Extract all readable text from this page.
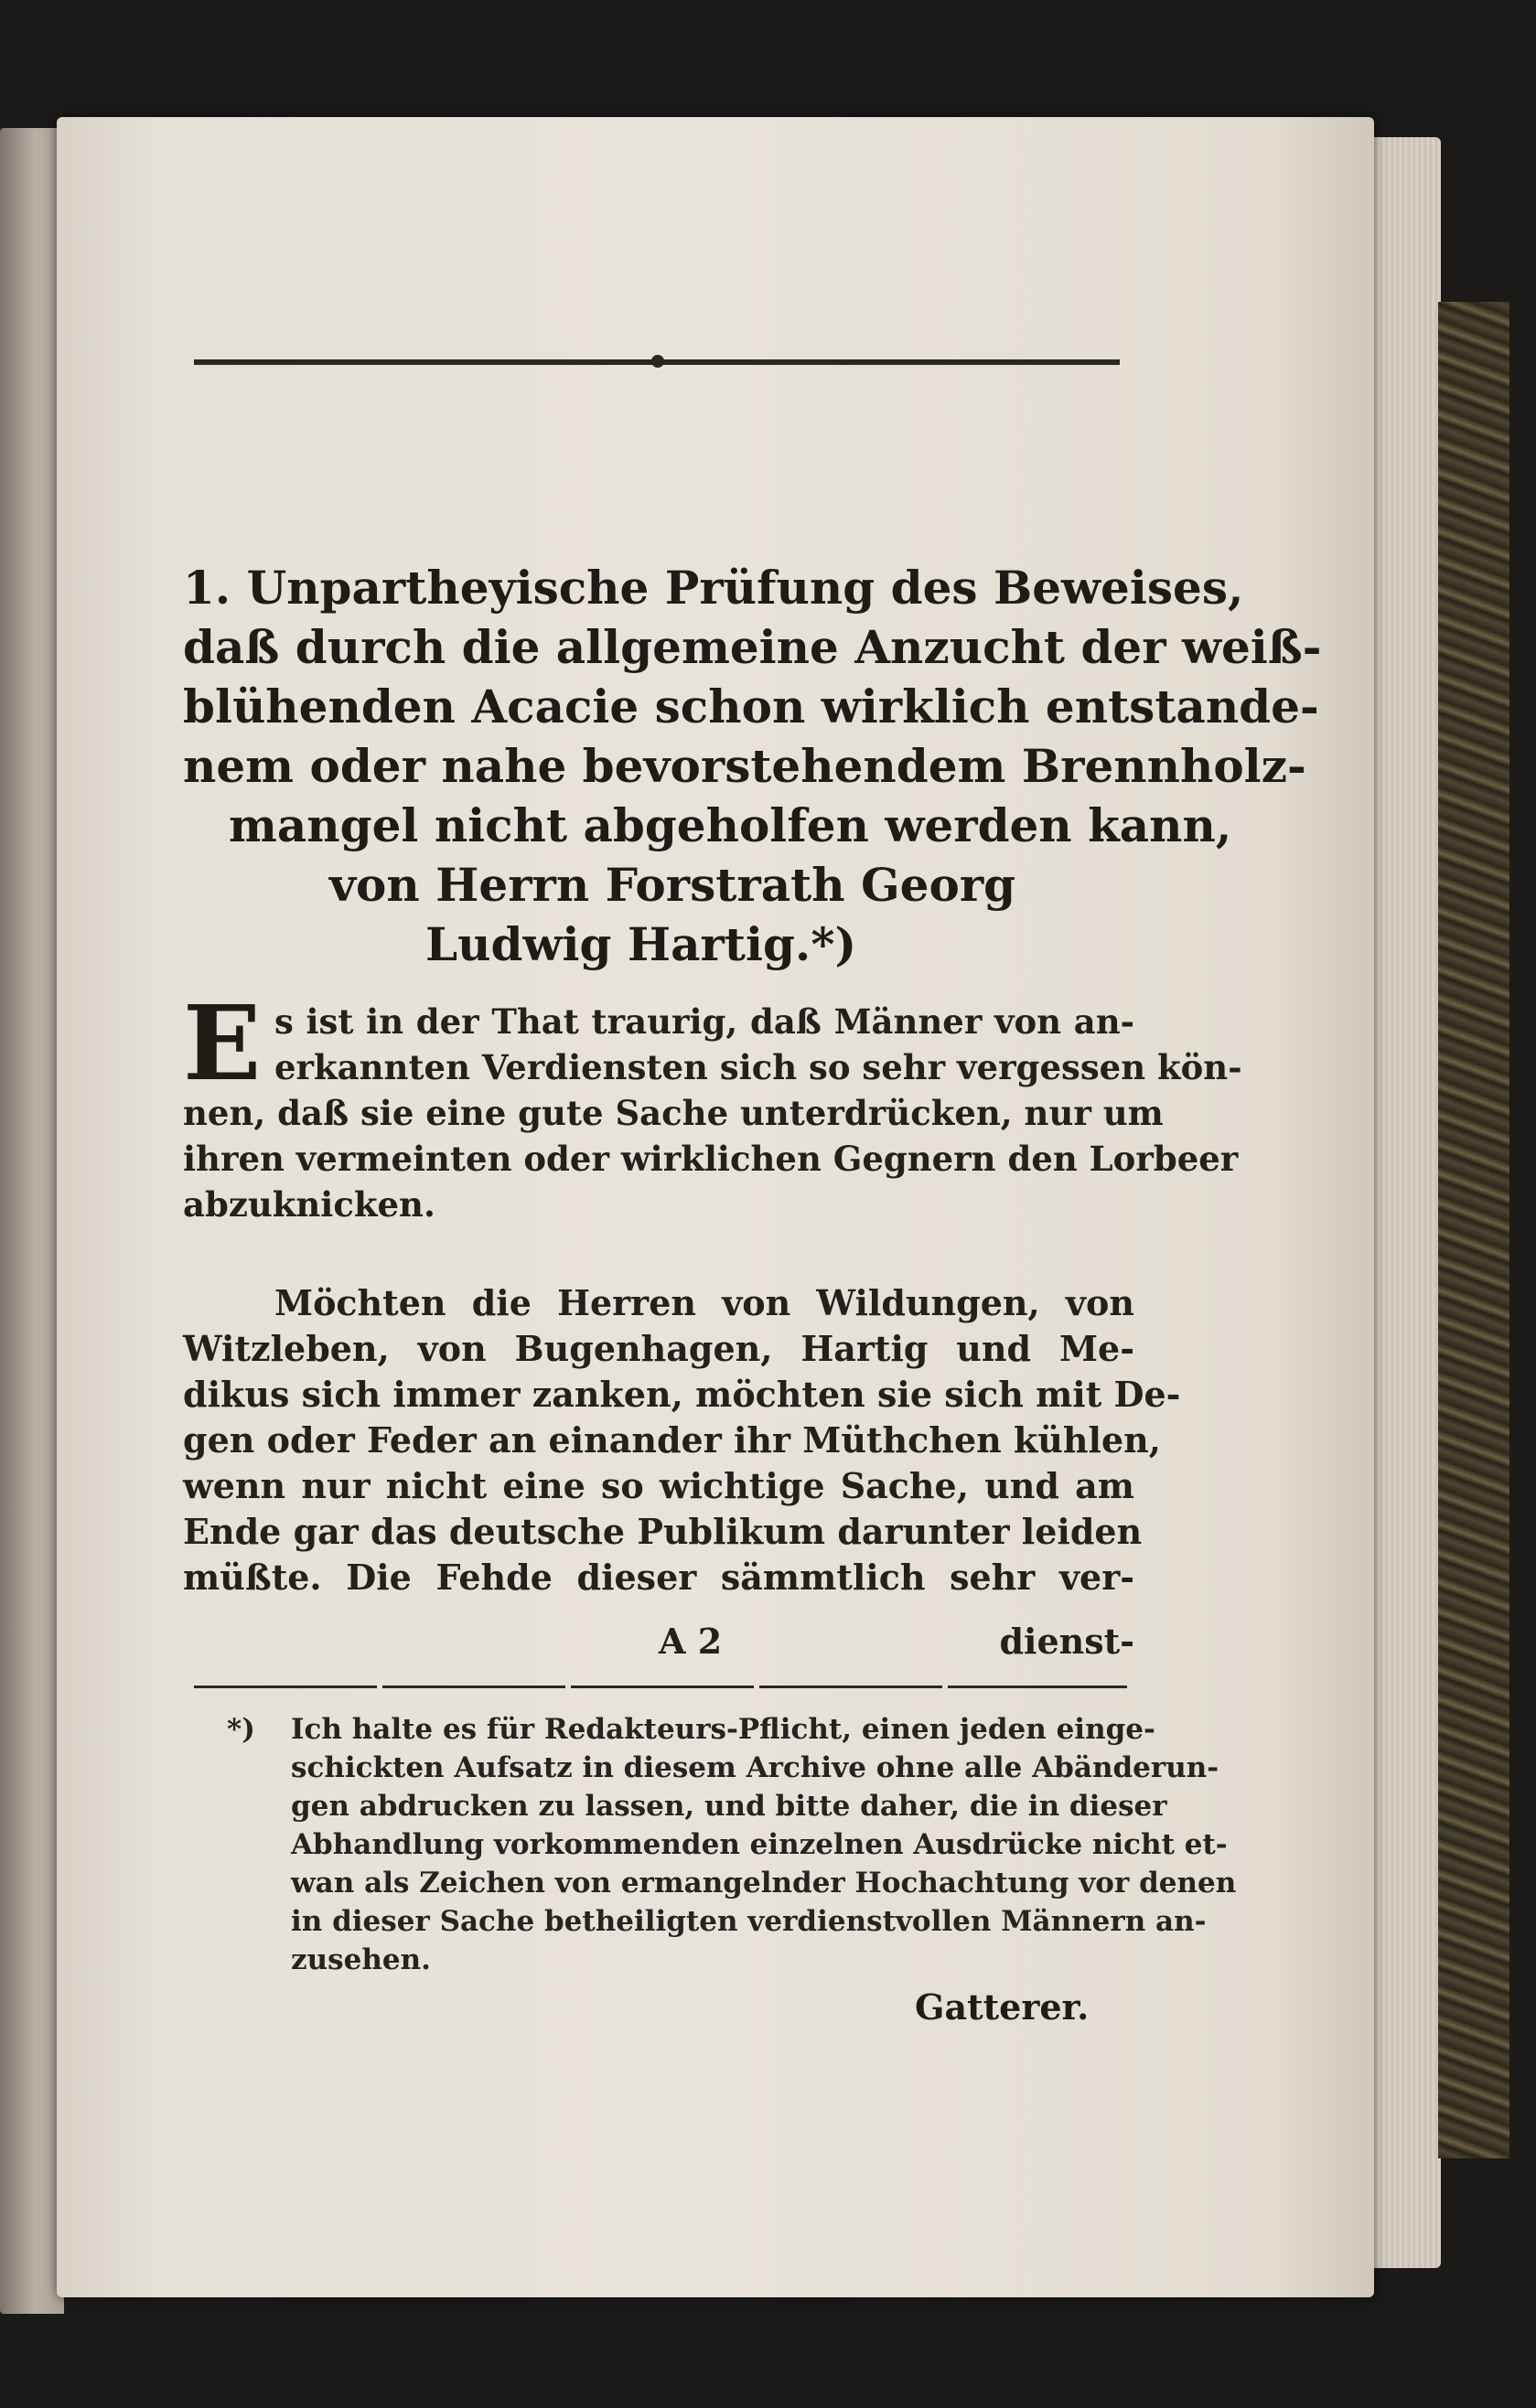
1. Unpartheyische Prüfung des Beweises,
daß durch die allgemeine Anzucht der weiß-
blühenden Acacie schon wirklich entstande-
nem oder nahe bevorstehendem Brennholz-
mangel nicht abgeholfen werden kann,
von Herrn Forstrath Georg
Ludwig Hartig.*)
E s ist in der That traurig, daß Männer von an-
erkannten Verdiensten sich so sehr vergessen kön-
nen, daß sie eine gute Sache unterdrücken, nur um
ihren vermeinten oder wirklichen Gegnern den Lorbeer
abzuknicken.
Möchten die Herren von Wildungen, von
Witzleben, von Bugenhagen, Hartig und Me-
dikus sich immer zanken, möchten sie sich mit De-
gen oder Feder an einander ihr Müthchen kühlen,
wenn nur nicht eine so wichtige Sache, und am
Ende gar das deutsche Publikum darunter leiden
müßte. Die Fehde dieser sämmtlich sehr ver-
A 2	dienst-
*)	Ich halte es für Redakteurs-Pflicht, einen jeden einge-
schickten Aufsatz in diesem Archive ohne alle Abänderun-
gen abdrucken zu lassen, und bitte daher, die in dieser
Abhandlung vorkommenden einzelnen Ausdrücke nicht et-
wan als Zeichen von ermangelnder Hochachtung vor denen
in dieser Sache betheiligten verdienstvollen Männern an-
zusehen.
Gatterer.
